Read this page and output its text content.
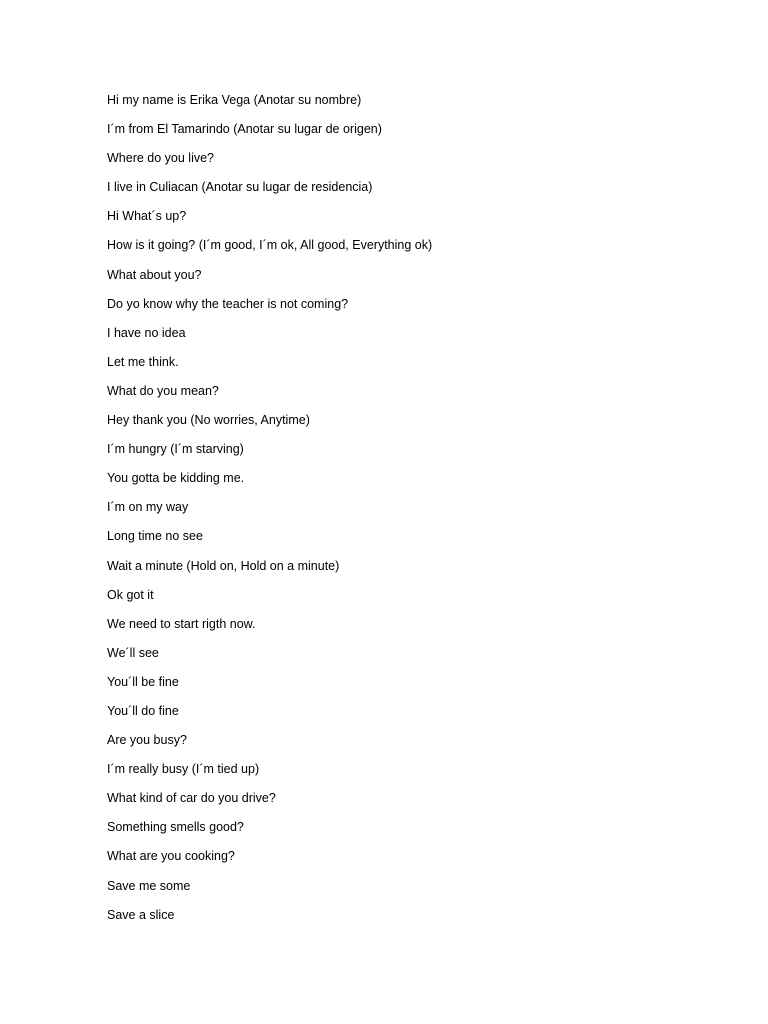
Hi my name is Erika Vega (Anotar su nombre)
I´m from El Tamarindo (Anotar su lugar de origen)
Where do you live?
I live in Culiacan (Anotar su lugar de residencia)
Hi What´s up?
How is it going? (I´m good, I´m ok, All good, Everything ok)
What about you?
Do yo know why the teacher is not coming?
I have no idea
Let me think.
What do you mean?
Hey thank you (No worries, Anytime)
I´m hungry (I´m starving)
You gotta be kidding me.
I´m on my way
Long time no see
Wait a minute (Hold on, Hold on a minute)
Ok got it
We need to start rigth now.
We´ll see
You´ll be fine
You´ll do fine
Are you busy?
I´m really busy (I´m tied up)
What kind of car do you drive?
Something smells good?
What are you cooking?
Save me some
Save a slice
